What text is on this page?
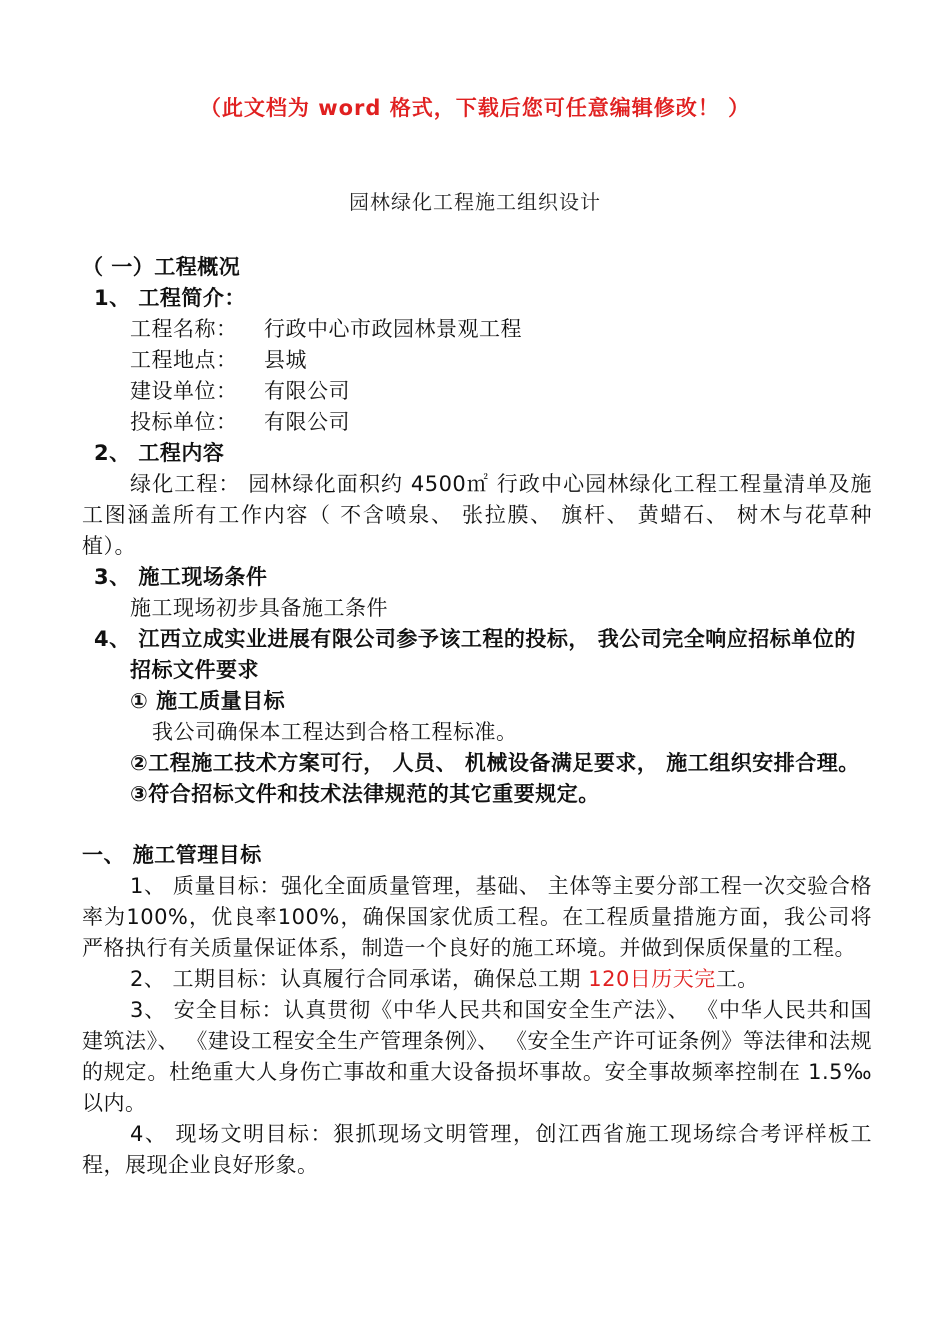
（此文档为 word 格式，下载后您可任意编辑修改！ ）
园林绿化工程施工组织设计
（ 一）工程概况
1、 工程简介：
工程名称： 行政中心市政园林景观工程
工程地点： 县城
建设单位： 有限公司
投标单位： 有限公司
2、 工程内容
绿化工程： 园林绿化面积约 4500㎡ 行政中心园林绿化工程工程量清单及施工图涵盖所有工作内容（ 不含喷泉、 张拉膜、 旗杆、 黄蜡石、 树木与花草种植）。
3、 施工现场条件
施工现场初步具备施工条件
4、 江西立成实业进展有限公司参予该工程的投标， 我公司完全响应招标单位的招标文件要求
① 施工质量目标
我公司确保本工程达到合格工程标准。
②工程施工技术方案可行， 人员、 机械设备满足要求， 施工组织安排合理。
③符合招标文件和技术法律规范的其它重要规定。
一、 施工管理目标
1、 质量目标：强化全面质量管理，基础、 主体等主要分部工程一次交验合格率为100%，优良率100%，确保国家优质工程。在工程质量措施方面，我公司将严格执行有关质量保证体系，制造一个良好的施工环境。并做到保质保量的工程。
2、 工期目标：认真履行合同承诺，确保总工期 120日历天完工。
3、 安全目标：认真贯彻《中华人民共和国安全生产法》、 《中华人民共和国建筑法》、 《建设工程安全生产管理条例》、 《安全生产许可证条例》等法律和法规的规定。杜绝重大人身伤亡事故和重大设备损坏事故。安全事故频率控制在 1.5‰以内。
4、 现场文明目标：狠抓现场文明管理，创江西省施工现场综合考评样板工程，展现企业良好形象。
